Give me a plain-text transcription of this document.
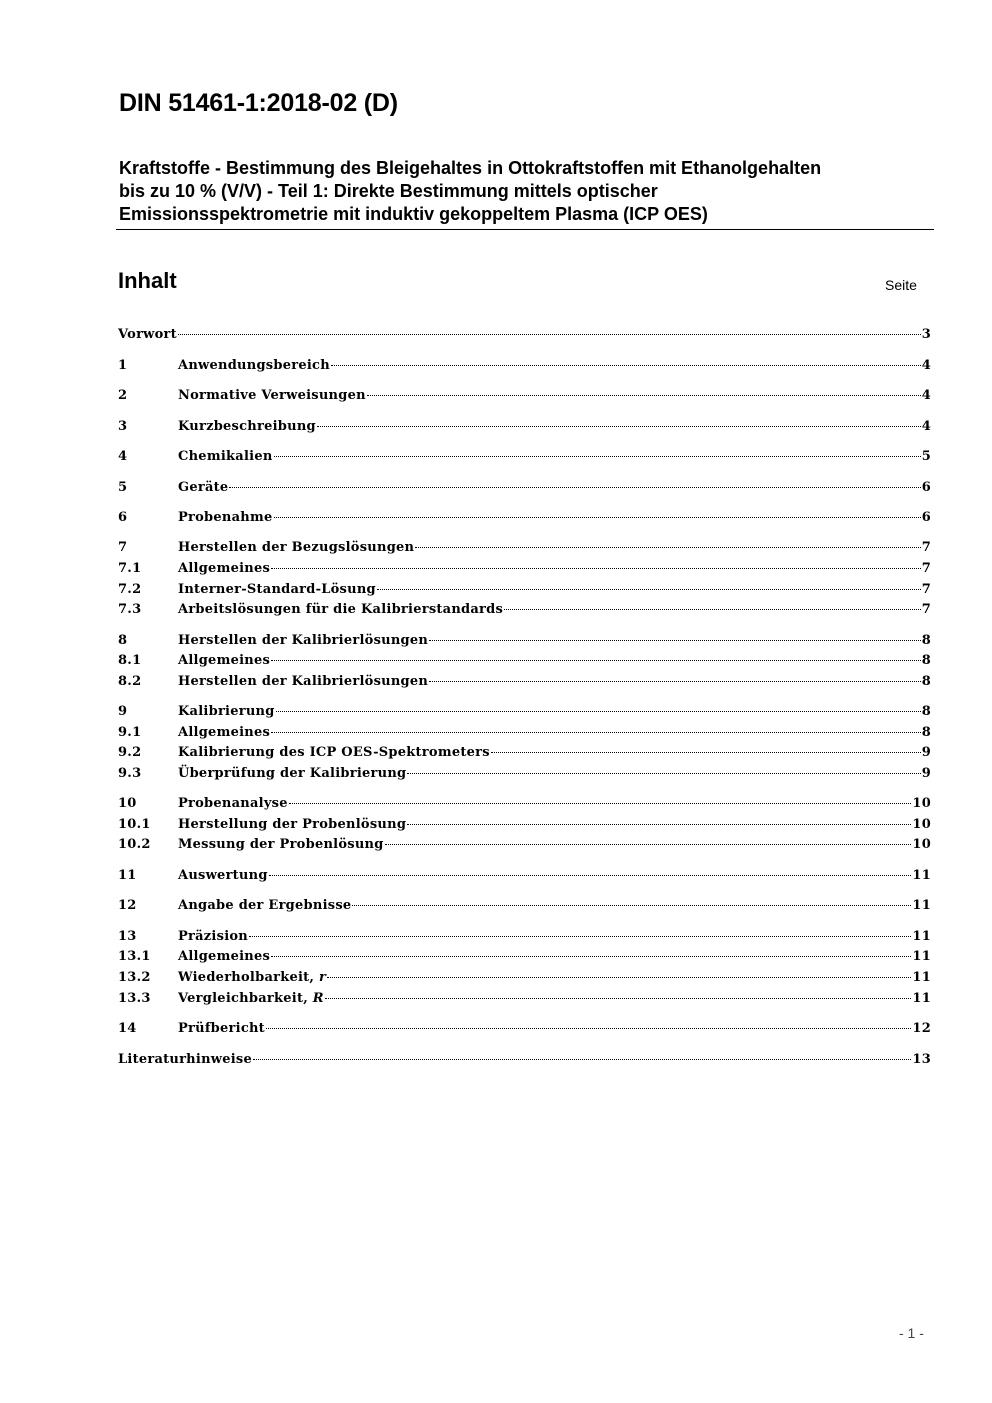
DIN 51461-1:2018-02 (D)
Kraftstoffe - Bestimmung des Bleigehaltes in Ottokraftstoffen mit Ethanolgehalten
bis zu 10 % (V/V) - Teil 1: Direkte Bestimmung mittels optischer
Emissionsspektrometrie mit induktiv gekoppeltem Plasma (ICP OES)
Inhalt	Seite
Vorwort	3
1	Anwendungsbereich	4
2	Normative Verweisungen	4
3	Kurzbeschreibung	4
4	Chemikalien	5
5	Geräte	6
6	Probenahme	6
7	Herstellen der Bezugslösungen	7
7.1	Allgemeines	7
7.2	Interner-Standard-Lösung	7
7.3	Arbeitslösungen für die Kalibrierstandards	7
8	Herstellen der Kalibrierlösungen	8
8.1	Allgemeines	8
8.2	Herstellen der Kalibrierlösungen	8
9	Kalibrierung	8
9.1	Allgemeines	8
9.2	Kalibrierung des ICP OES-Spektrometers	9
9.3	Überprüfung der Kalibrierung	9
10	Probenanalyse	10
10.1	Herstellung der Probenlösung	10
10.2	Messung der Probenlösung	10
11	Auswertung	11
12	Angabe der Ergebnisse	11
13	Präzision	11
13.1	Allgemeines	11
13.2	Wiederholbarkeit, r	11
13.3	Vergleichbarkeit, R	11
14	Prüfbericht	12
Literaturhinweise	13

- 1 -
